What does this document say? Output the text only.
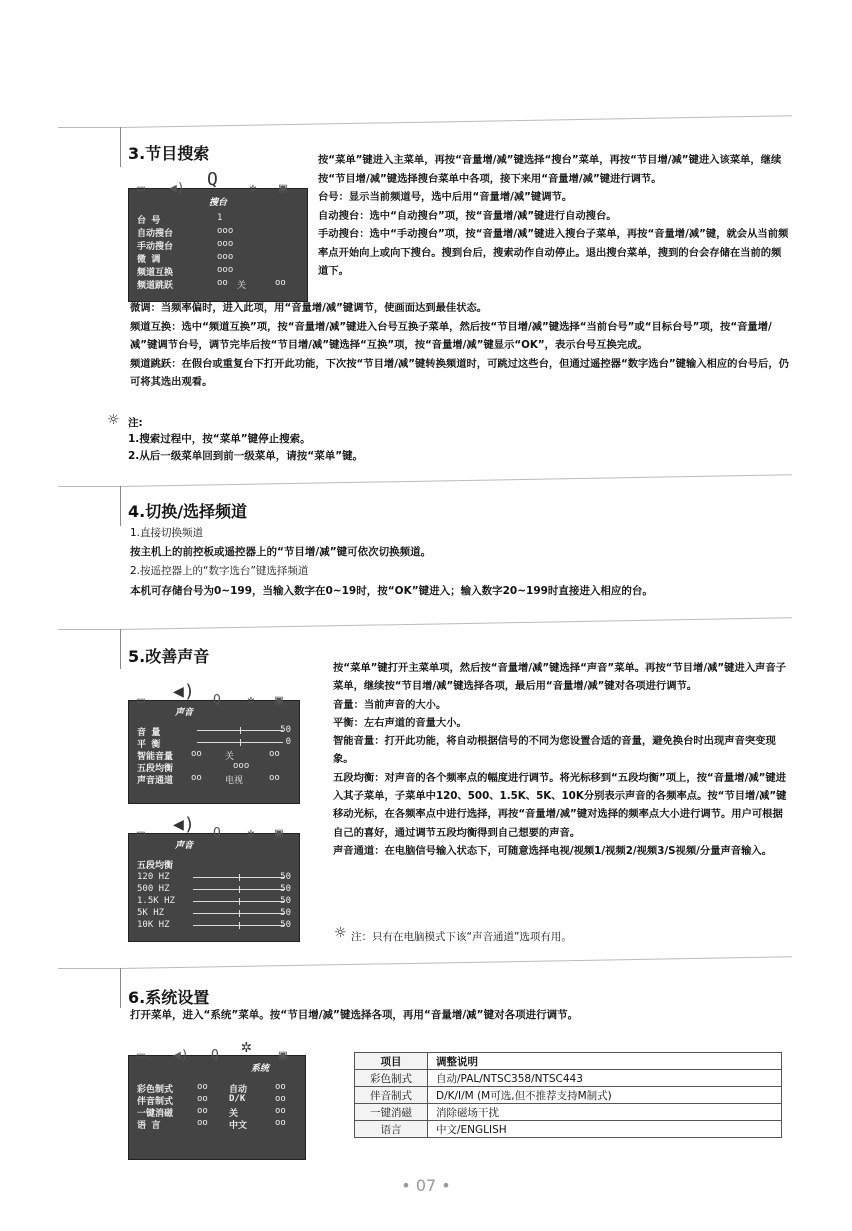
3.节目搜索
▭ ◀) Q ✲ ▣
搜台
台 号	1
自动搜台	ooo
手动搜台	ooo
微 调	ooo
频道互换	ooo
频道跳跃	oo 关	oo

按“菜单”键进入主菜单，再按“音量增/减”键选择“搜台”菜单，再按“节目增/减”键进入该菜单，继续按“节目增/减”键选择搜台菜单中各项，接下来用“音量增/减”键进行调节。

台号：显示当前频道号，选中后用“音量增/减”键调节。

自动搜台：选中“自动搜台”项，按“音量增/减”键进行自动搜台。

手动搜台：选中“手动搜台”项，按“音量增/减”键进入搜台子菜单，再按“音量增/减”键，就会从当前频率点开始向上或向下搜台。搜到台后，搜索动作自动停止。退出搜台菜单，搜到的台会存储在当前的频道下。

微调：当频率偏时，进入此项，用“音量增/减”键调节，使画面达到最佳状态。

频道互换：选中“频道互换”项，按“音量增/减”键进入台号互换子菜单，然后按“节目增/减”键选择“当前台号”或“目标台号”项，按“音量增/减”键调节台号，调节完毕后按“节目增/减”键选择“互换”项，按“音量增/减”键显示“OK”，表示台号互换完成。

频道跳跃：在假台或重复台下打开此功能，下次按“节目增/减”键转换频道时，可跳过这些台，但通过遥控器“数字选台”键输入相应的台号后，仍可将其选出观看。

☼ 注:

1.搜索过程中，按“菜单”键停止搜索。

2.从后一级菜单回到前一级菜单，请按“菜单”键。

4.切换/选择频道

1.直接切换频道

按主机上的前控板或遥控器上的“节目增/减”键可依次切换频道。

2.按遥控器上的“数字选台”键选择频道

本机可存储台号为0~199，当输入数字在0~19时，按“OK”键进入；输入数字20~199时直接进入相应的台。

5.改善声音
▭ ◀) Q ✲ ▣
声音
音 量	50
平 衡	0
智能音量 oo	oo
关
五段均衡	ooo
声音通道 oo	oo
电视
▭ ◀) Q ✲ ▣
声音
五段均衡
120 HZ	50
500 HZ	50
1.5K HZ	50
5K HZ	50
10K HZ	50

按“菜单”键打开主菜单项，然后按“音量增/减”键选择“声音”菜单。再按“节目增/减”键进入声音子菜单，继续按“节目增/减”键选择各项，最后用“音量增/减”键对各项进行调节。

音量：当前声音的大小。

平衡：左右声道的音量大小。

智能音量：打开此功能，将自动根据信号的不同为您设置合适的音量，避免换台时出现声音突变现象。

五段均衡：对声音的各个频率点的幅度进行调节。将光标移到“五段均衡”项上，按“音量增/减”键进入其子菜单，子菜单中120、500、1.5K、5K、10K分别表示声音的各频率点。按“节目增/减”键移动光标，在各频率点中进行选择，再按“音量增/减”键对选择的频率点大小进行调节。用户可根据自己的喜好，通过调节五段均衡得到自己想要的声音。

声音通道：在电脑信号输入状态下，可随意选择电视/视频1/视频2/视频3/S视频/分量声音输入。

☼ 注：只有在电脑模式下该“声音通道”选项有用。

6.系统设置

打开菜单，进入“系统”菜单。按“节目增/减”键选择各项，再用“音量增/减”键对各项进行调节。

▭ ◀) Q ✲ ▣
系统
彩色制式	oo 自动	oo
伴音制式	oo D/K	oo
一键消磁	oo 关	oo
语 言	oo 中文	oo
项目	调整说明
彩色制式	自动/PAL/NTSC358/NTSC443
伴音制式	D/K/I/M (M可选,但不推荐支持M制式)
一键消磁	消除磁场干扰
语言	中文/ENGLISH
• 07 •
